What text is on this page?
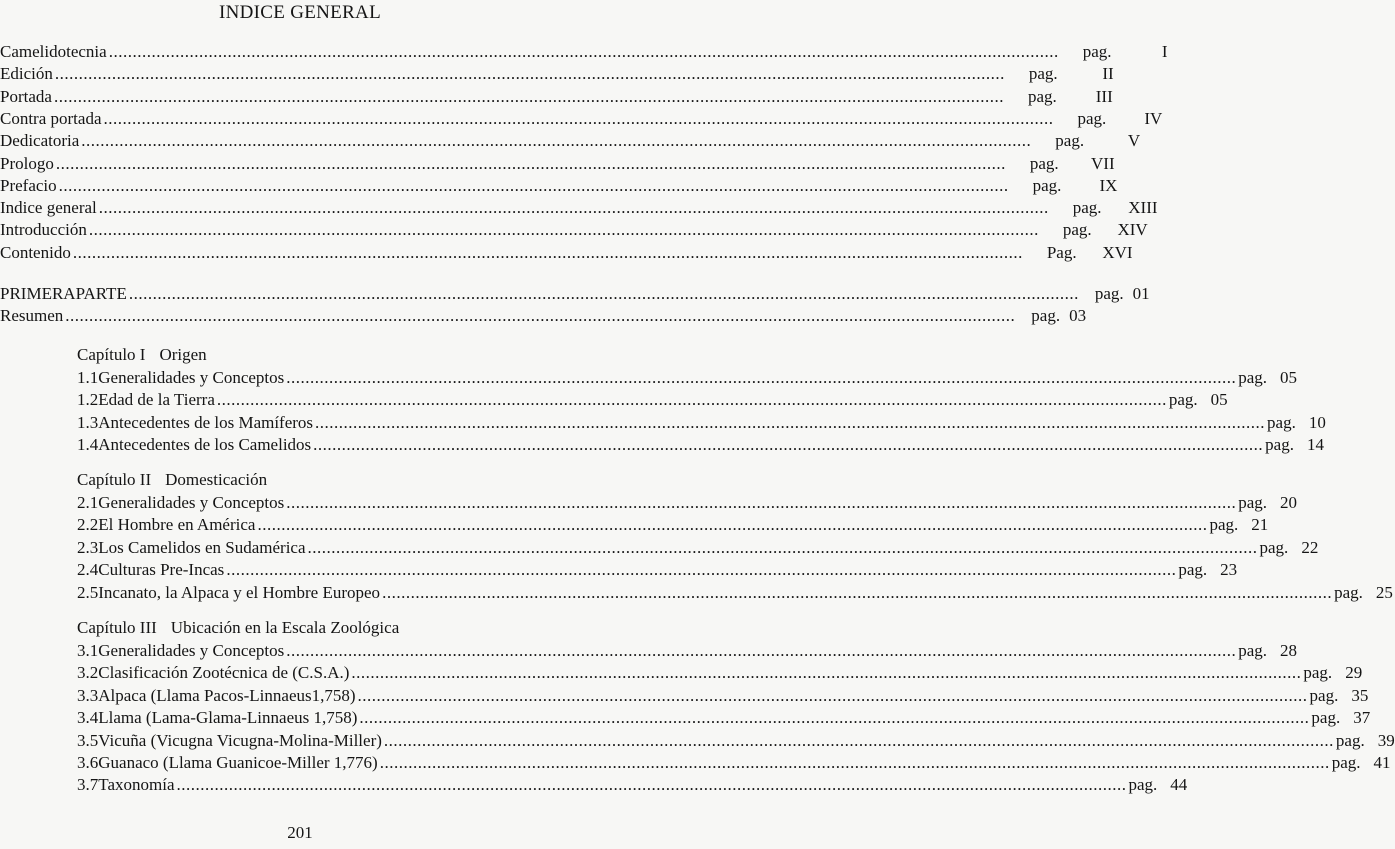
INDICE GENERAL
Camelidotecnia ........................................................................................................................................................................................................ pag.	I
Edición ........................................................................................................................................................................................................ pag.	II
Portada ........................................................................................................................................................................................................ pag.	III
Contra portada ........................................................................................................................................................................................................ pag.	IV
Dedicatoria ........................................................................................................................................................................................................ pag.	V
Prologo ........................................................................................................................................................................................................ pag.	VII
Prefacio ........................................................................................................................................................................................................ pag.	IX
Indice general ........................................................................................................................................................................................................ pag.	XIII
Introducción ........................................................................................................................................................................................................ pag.	XIV
Contenido ........................................................................................................................................................................................................ Pag.	XVI
PRIMERAPARTE ........................................................................................................................................................................................................ pag. 01
Resumen ........................................................................................................................................................................................................ pag. 03
Capítulo I Origen
1.1 Generalidades y Conceptos ........................................................................................................................................................................................................ pag. 05
1.2 Edad de la Tierra ........................................................................................................................................................................................................ pag. 05
1.3 Antecedentes de los Mamíferos ........................................................................................................................................................................................................ pag. 10
1.4 Antecedentes de los Camelidos ........................................................................................................................................................................................................ pag. 14
Capítulo II Domesticación
2.1 Generalidades y Conceptos ........................................................................................................................................................................................................ pag. 20
2.2 El Hombre en América ........................................................................................................................................................................................................ pag. 21
2.3 Los Camelidos en Sudamérica ........................................................................................................................................................................................................ pag. 22
2.4 Culturas Pre-Incas ........................................................................................................................................................................................................ pag. 23
2.5 Incanato, la Alpaca y el Hombre Europeo ........................................................................................................................................................................................................ pag. 25
Capítulo III Ubicación en la Escala Zoológica
3.1 Generalidades y Conceptos ........................................................................................................................................................................................................ pag. 28
3.2 Clasificación Zootécnica de (C.S.A.) ........................................................................................................................................................................................................ pag. 29
3.3 Alpaca (Llama Pacos-Linnaeus1,758) ........................................................................................................................................................................................................ pag. 35
3.4 Llama (Lama-Glama-Linnaeus 1,758) ........................................................................................................................................................................................................ pag. 37
3.5 Vicuña (Vicugna Vicugna-Molina-Miller) ........................................................................................................................................................................................................ pag. 39
3.6 Guanaco (Llama Guanicoe-Miller 1,776) ........................................................................................................................................................................................................ pag. 41
3.7 Taxonomía ........................................................................................................................................................................................................ pag. 44
201
